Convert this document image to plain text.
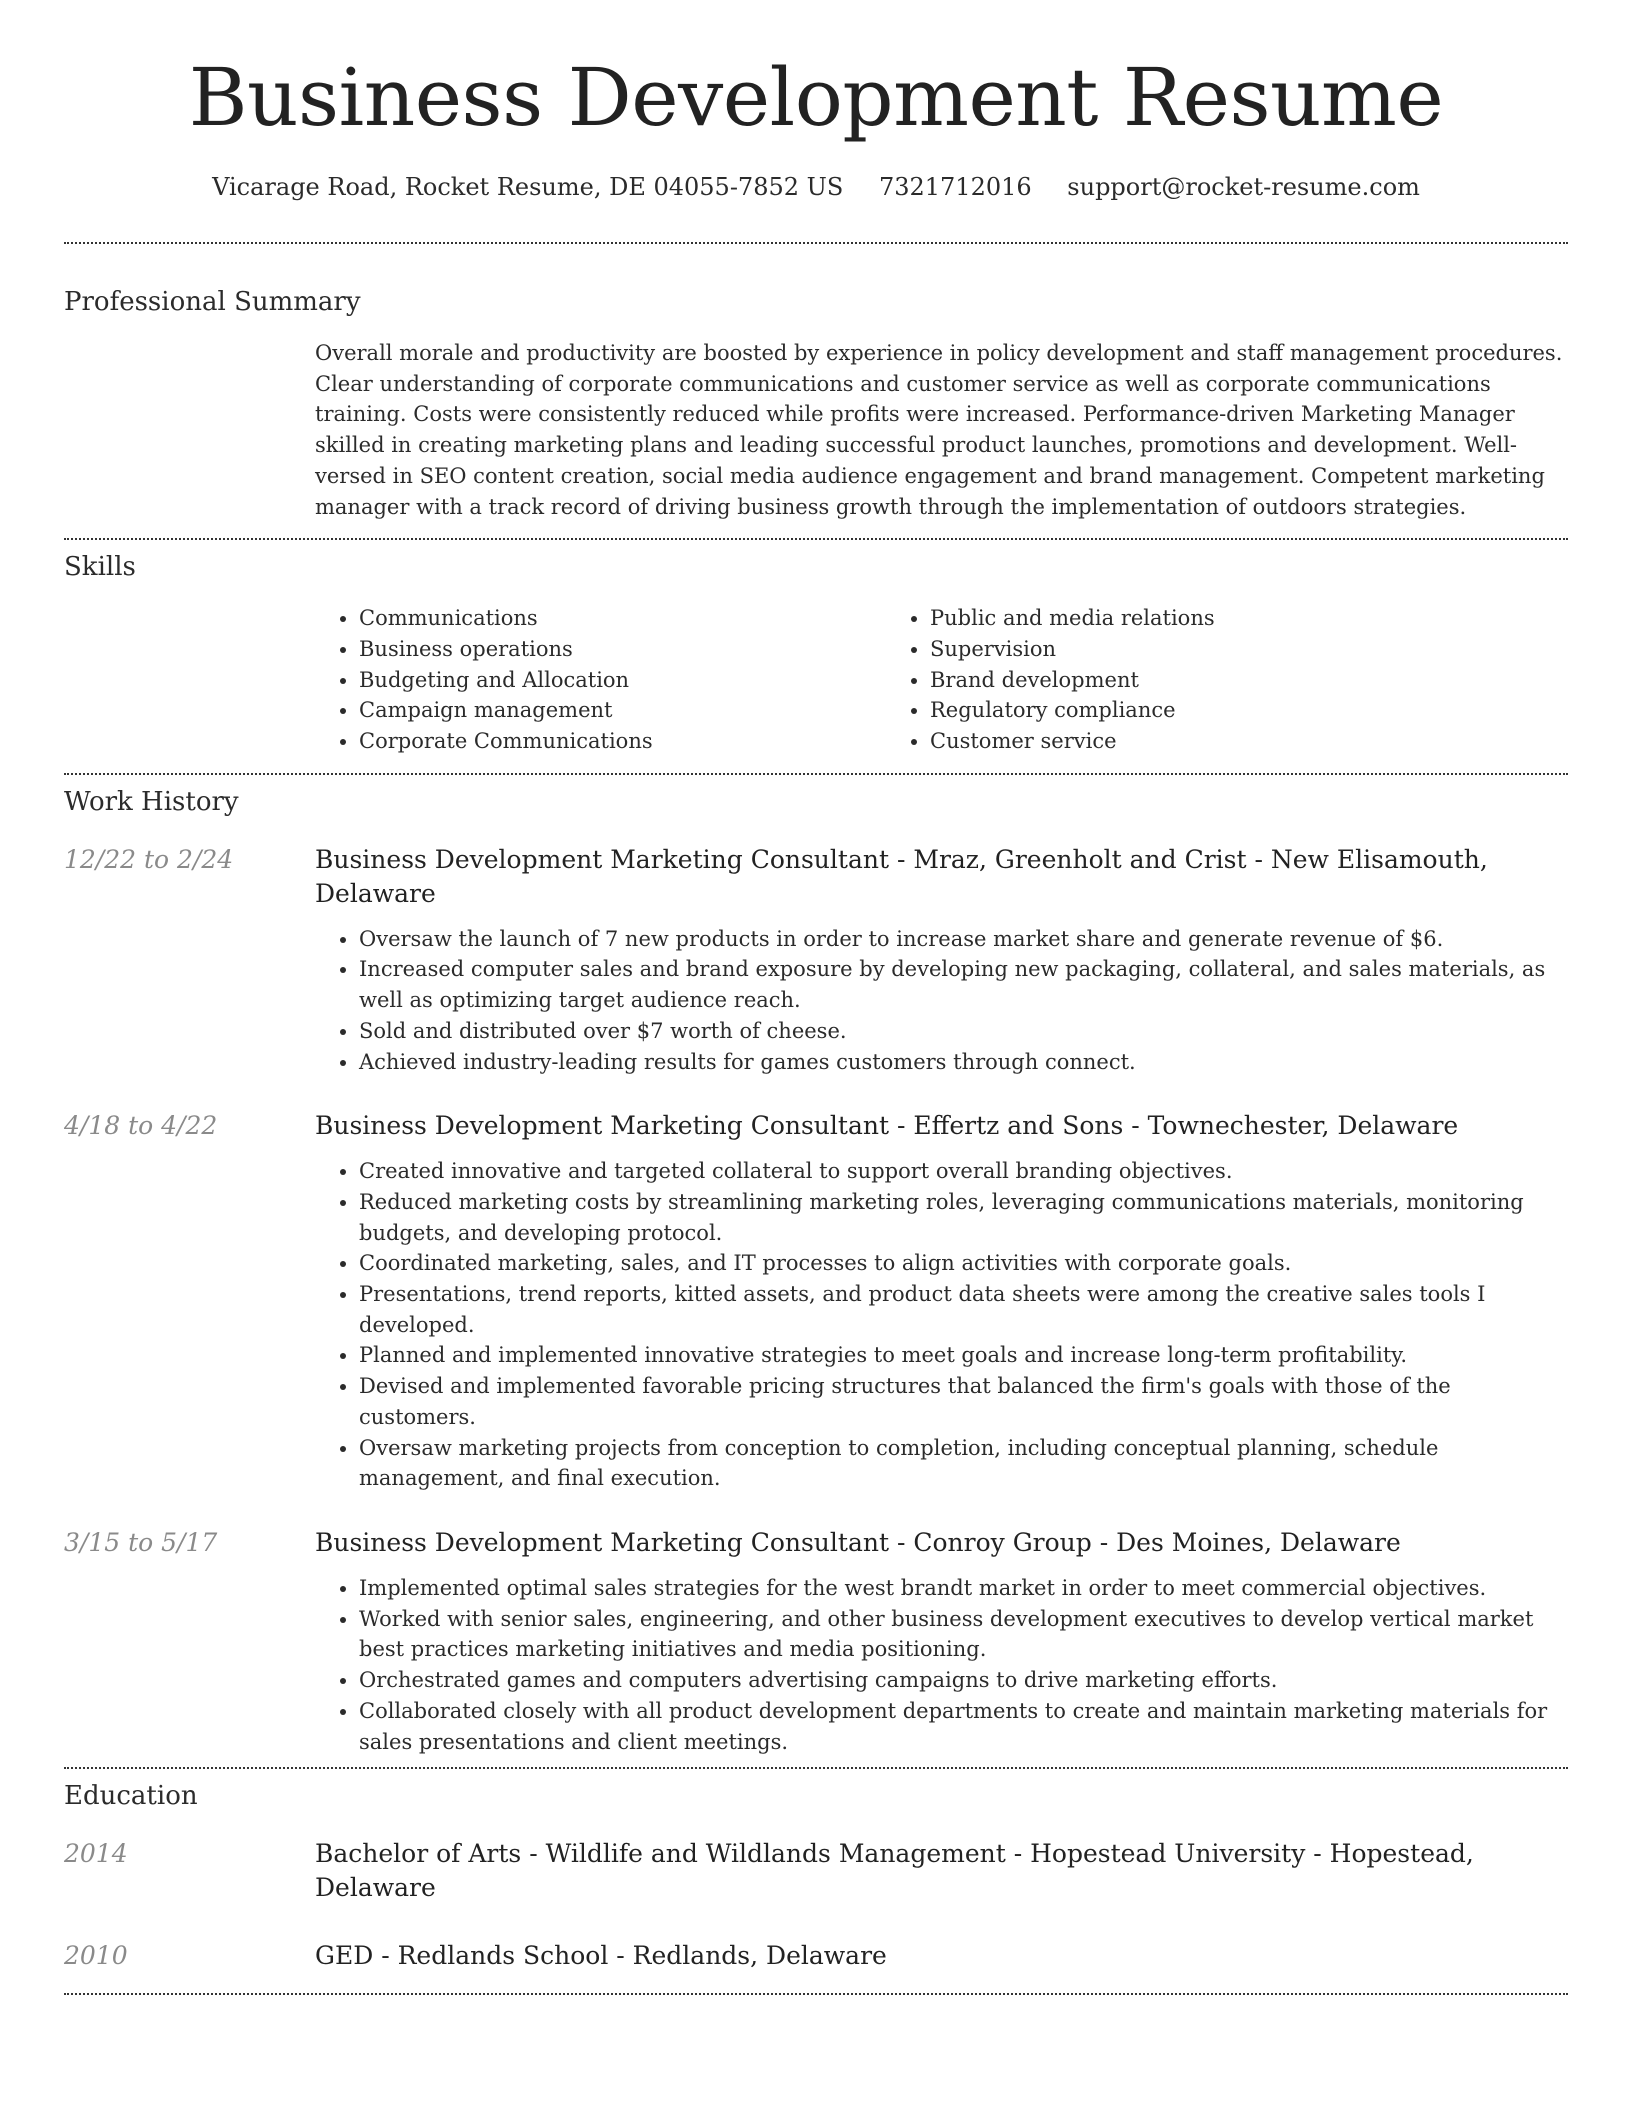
Business Development Resume
Vicarage Road, Rocket Resume, DE 04055-7852 US 7321712016 support@rocket-resume.com
Professional Summary

Overall morale and productivity are boosted by experience in policy development and staff management procedures. Clear understanding of corporate communications and customer service as well as corporate communications training. Costs were consistently reduced while profits were increased. Performance-driven Marketing Manager skilled in creating marketing plans and leading successful product launches, promotions and development. Well-versed in SEO content creation, social media audience engagement and brand management. Competent marketing manager with a track record of driving business growth through the implementation of outdoors strategies.

Skills
• Communications
• Business operations
• Budgeting and Allocation
• Campaign management
• Corporate Communications
• Public and media relations
• Supervision
• Brand development
• Regulatory compliance
• Customer service
Work History
12/22 to 2/24	Business Development Marketing Consultant - Mraz, Greenholt and Crist - New Elisamouth, Delaware
• Oversaw the launch of 7 new products in order to increase market share and generate revenue of $6.
• Increased computer sales and brand exposure by developing new packaging, collateral, and sales materials, as well as optimizing target audience reach.
• Sold and distributed over $7 worth of cheese.
• Achieved industry-leading results for games customers through connect.
4/18 to 4/22	Business Development Marketing Consultant - Effertz and Sons - Townechester, Delaware
• Created innovative and targeted collateral to support overall branding objectives.
• Reduced marketing costs by streamlining marketing roles, leveraging communications materials, monitoring budgets, and developing protocol.
• Coordinated marketing, sales, and IT processes to align activities with corporate goals.
• Presentations, trend reports, kitted assets, and product data sheets were among the creative sales tools I developed.
• Planned and implemented innovative strategies to meet goals and increase long-term profitability.
• Devised and implemented favorable pricing structures that balanced the firm's goals with those of the customers.
• Oversaw marketing projects from conception to completion, including conceptual planning, schedule management, and final execution.
3/15 to 5/17	Business Development Marketing Consultant - Conroy Group - Des Moines, Delaware
• Implemented optimal sales strategies for the west brandt market in order to meet commercial objectives.
• Worked with senior sales, engineering, and other business development executives to develop vertical market best practices marketing initiatives and media positioning.
• Orchestrated games and computers advertising campaigns to drive marketing efforts.
• Collaborated closely with all product development departments to create and maintain marketing materials for sales presentations and client meetings.
Education
2014	Bachelor of Arts - Wildlife and Wildlands Management - Hopestead University - Hopestead, Delaware
2010	GED - Redlands School - Redlands, Delaware
